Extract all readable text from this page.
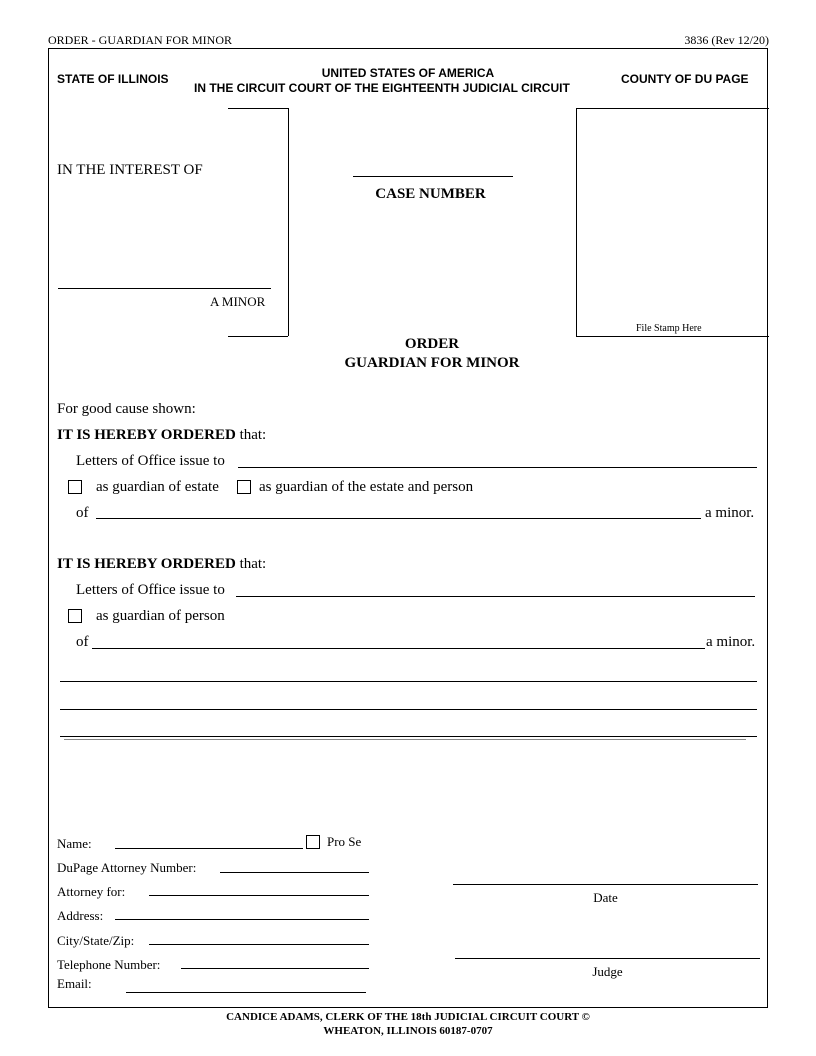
ORDER - GUARDIAN FOR MINOR	3836 (Rev 12/20)
STATE OF ILLINOIS	UNITED STATES OF AMERICA
IN THE CIRCUIT COURT OF THE EIGHTEENTH JUDICIAL CIRCUIT
COUNTY OF DU PAGE
IN THE INTEREST OF
A MINOR
CASE NUMBER
File Stamp Here
ORDER
GUARDIAN FOR MINOR
For good cause shown:
IT IS HEREBY ORDERED that:
Letters of Office issue to
as guardian of estate	as guardian of the estate and person
of	a minor.
IT IS HEREBY ORDERED that:
Letters of Office issue to
as guardian of person
of	a minor.
Name:	Pro Se
DuPage Attorney Number:
Attorney for:
Address:
City/State/Zip:
Telephone Number:
Email:
Date
Judge
CANDICE ADAMS, CLERK OF THE 18th JUDICIAL CIRCUIT COURT ©
WHEATON, ILLINOIS 60187-0707
